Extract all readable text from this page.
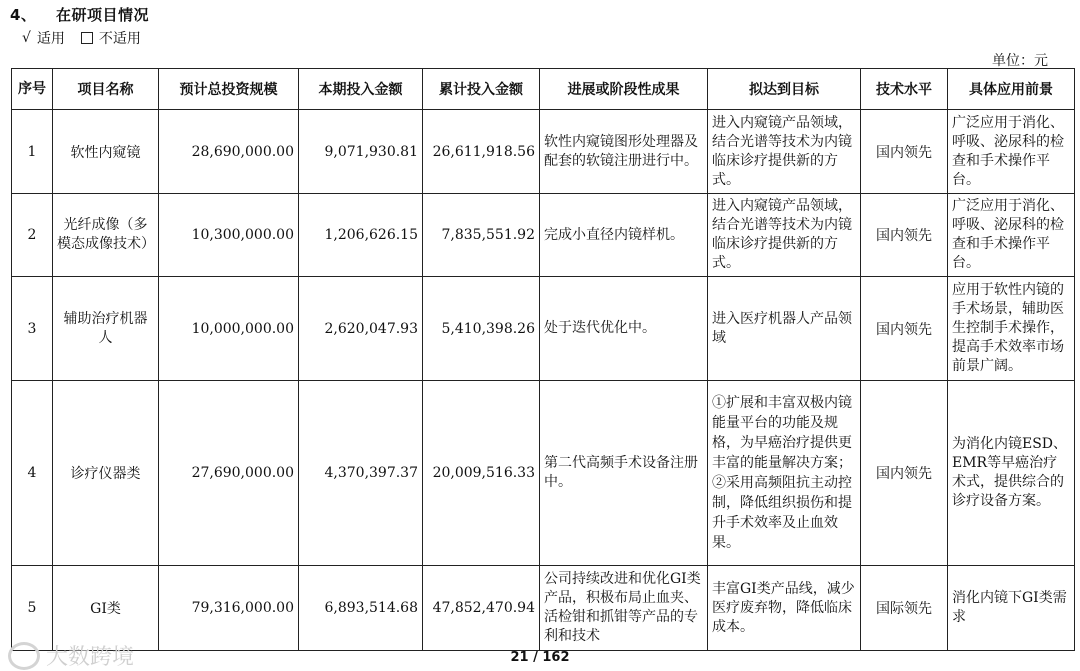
4、 在研项目情况
√ 适用 不适用
单位：元
序号	项目名称	预计总投资规模	本期投入金额	累计投入金额	进展或阶段性成果	拟达到目标	技术水平	具体应用前景
1	软性内窥镜	28,690,000.00	9,071,930.81	26,611,918.56	软性内窥镜图形处理器及配套的软镜注册进行中。	进入内窥镜产品领域，结合光谱等技术为内镜临床诊疗提供新的方式。	国内领先	广泛应用于消化、呼吸、泌尿科的检查和手术操作平台。
2	光纤成像（多模态成像技术）	10,300,000.00	1,206,626.15	7,835,551.92	完成小直径内镜样机。	进入内窥镜产品领域，结合光谱等技术为内镜临床诊疗提供新的方式。	国内领先	广泛应用于消化、呼吸、泌尿科的检查和手术操作平台。
3	辅助治疗机器人	10,000,000.00	2,620,047.93	5,410,398.26	处于迭代优化中。	进入医疗机器人产品领域	国内领先	应用于软性内镜的手术场景，辅助医生控制手术操作，提高手术效率市场前景广阔。
4	诊疗仪器类	27,690,000.00	4,370,397.37	20,009,516.33	第二代高频手术设备注册中。	①扩展和丰富双极内镜能量平台的功能及规格，为早癌治疗提供更丰富的能量解决方案；②采用高频阻抗主动控制，降低组织损伤和提升手术效率及止血效果。	国内领先	为消化内镜ESD、EMR等早癌治疗术式，提供综合的诊疗设备方案。
5	GI类	79,316,000.00	6,893,514.68	47,852,470.94	公司持续改进和优化GI类产品，积极布局止血夹、活检钳和抓钳等产品的专利和技术	丰富GI类产品线，减少医疗废弃物，降低临床成本。	国际领先	消化内镜下GI类需求
大数跨境	21 / 162
